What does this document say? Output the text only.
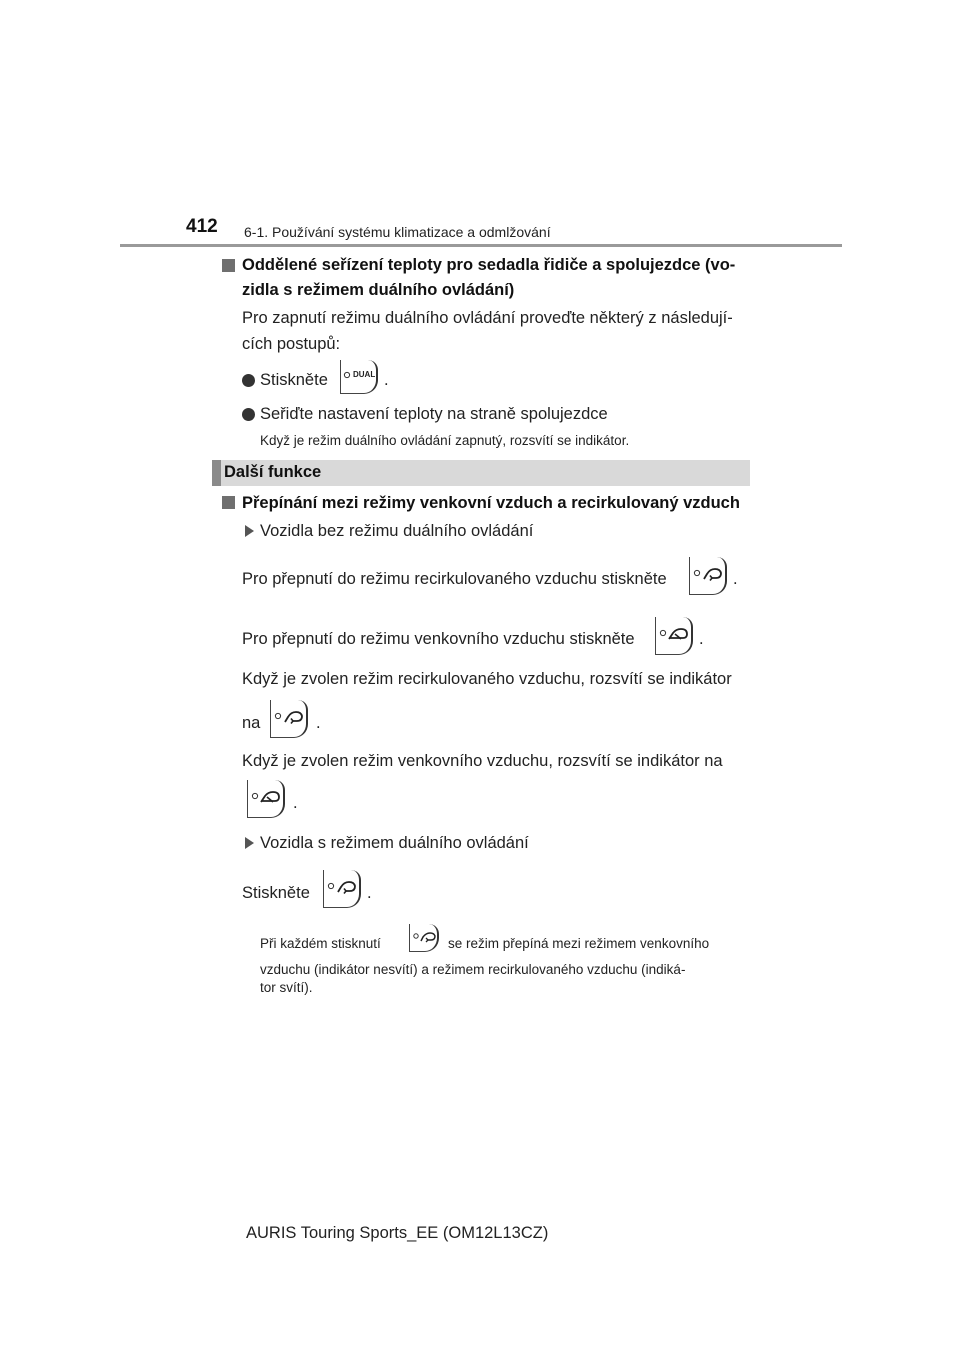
412 6-1. Používání systému klimatizace a odmlžování
Oddělené seřízení teploty pro sedadla řidiče a spolujezdce (vo-
zidla s režimem duálního ovládání)
Pro zapnutí režimu duálního ovládání proveďte některý z následují-
cích postupů:
Stiskněte	DUAL .
Seřiďte nastavení teploty na straně spolujezdce
Když je režim duálního ovládání zapnutý, rozsvítí se indikátor.
Další funkce
Přepínání mezi režimy venkovní vzduch a recirkulovaný vzduch
Vozidla bez režimu duálního ovládání
Pro přepnutí do režimu recirkulovaného vzduchu stiskněte	.
Pro přepnutí do režimu venkovního vzduchu stiskněte	.
Když je zvolen režim recirkulovaného vzduchu, rozsvítí se indikátor
na	.
Když je zvolen režim venkovního vzduchu, rozsvítí se indikátor na
.
Vozidla s režimem duálního ovládání
Stiskněte	.
Při každém stisknutí	se režim přepíná mezi režimem venkovního
vzduchu (indikátor nesvítí) a režimem recirkulovaného vzduchu (indiká-
tor svítí).
AURIS Touring Sports_EE (OM12L13CZ)
